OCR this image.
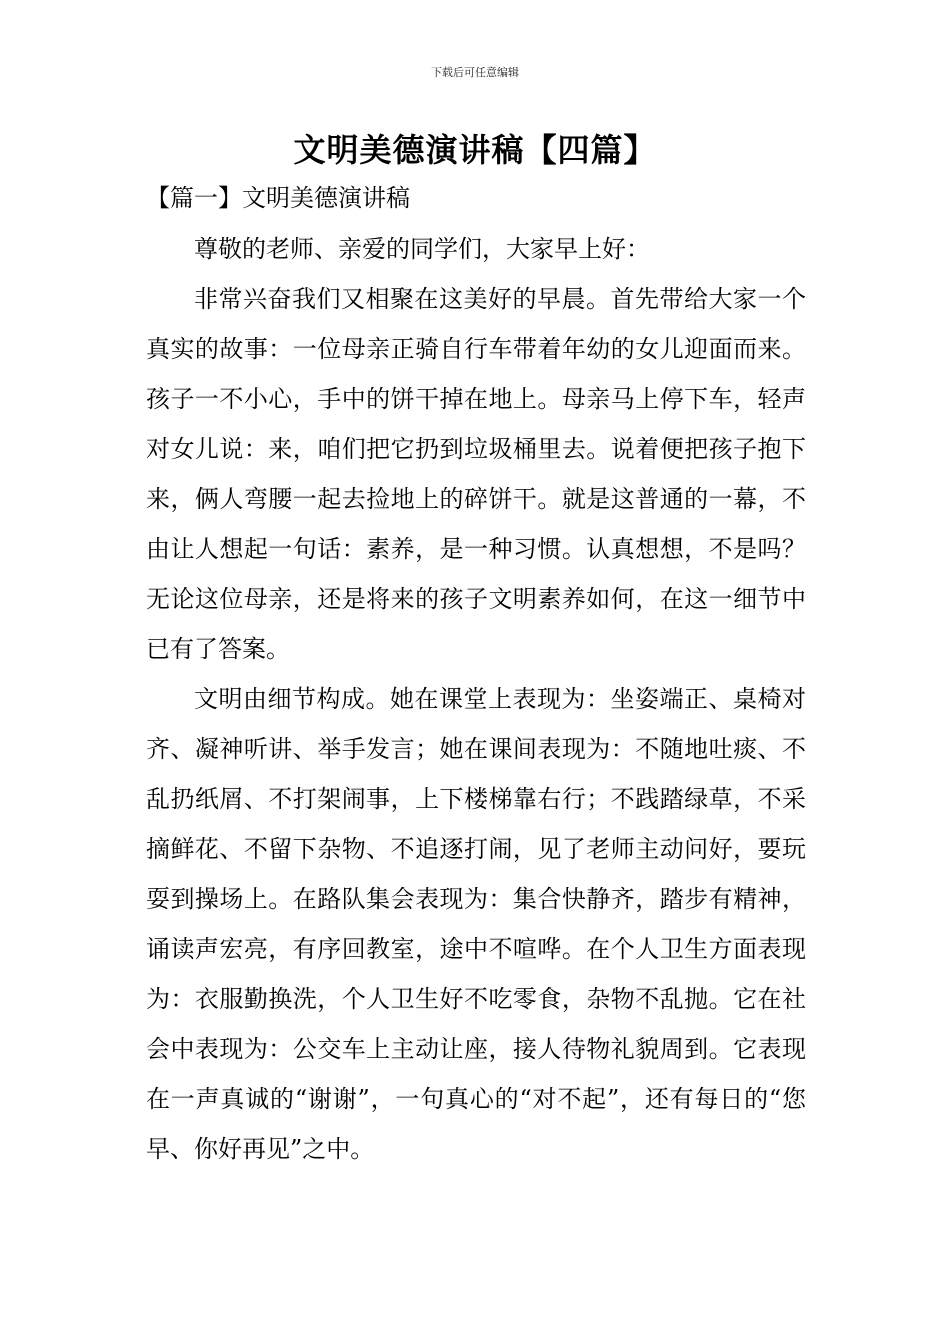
下载后可任意编辑
文明美德演讲稿【四篇】
【篇一】文明美德演讲稿

尊敬的老师、亲爱的同学们，大家早上好：

非常兴奋我们又相聚在这美好的早晨。首先带给大家一个真实的故事：一位母亲正骑自行车带着年幼的女儿迎面而来。孩子一不小心，手中的饼干掉在地上。母亲马上停下车，轻声对女儿说：来，咱们把它扔到垃圾桶里去。说着便把孩子抱下来，俩人弯腰一起去捡地上的碎饼干。就是这普通的一幕，不由让人想起一句话：素养，是一种习惯。认真想想，不是吗？无论这位母亲，还是将来的孩子文明素养如何，在这一细节中已有了答案。

文明由细节构成。她在课堂上表现为：坐姿端正、桌椅对齐、凝神听讲、举手发言；她在课间表现为：不随地吐痰、不乱扔纸屑、不打架闹事，上下楼梯靠右行；不践踏绿草，不采摘鲜花、不留下杂物、不追逐打闹，见了老师主动问好，要玩耍到操场上。在路队集会表现为：集合快静齐，踏步有精神，诵读声宏亮，有序回教室，途中不喧哗。在个人卫生方面表现为：衣服勤换洗，个人卫生好不吃零食，杂物不乱抛。它在社会中表现为：公交车上主动让座，接人待物礼貌周到。它表现在一声真诚的“谢谢”，一句真心的“对不起”，还有每日的“您早、你好再见”之中。
